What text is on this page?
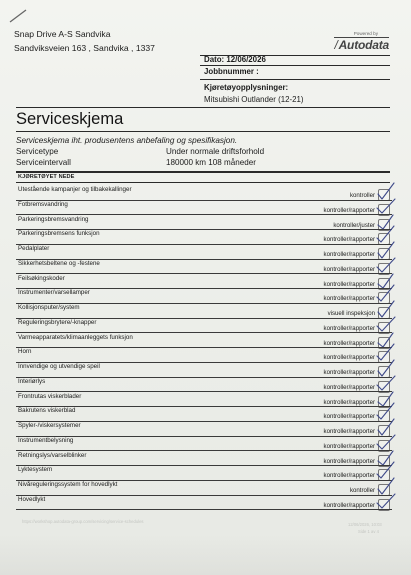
Snap Drive A-S Sandvika
Sandviksveien 163 , Sandvika , 1337
Powered by
/Autodata
Dato: 12/06/2026
Jobbnummer :
Kjøretøyopplysninger:
Mitsubishi Outlander (12-21)
Serviceskjema
Serviceskjema iht. produsentens anbefaling og spesifikasjon.
Servicetype	Under normale driftsforhold
Serviceintervall	180000 km 108 måneder
KJØRETØYET NEDE
Utestående kampanjer og tilbakekallinger
kontroller
Fotbremsvandring
kontroller/rapporter
Parkeringsbremsvandring
kontroller/juster
Parkeringsbremsens funksjon
kontroller/rapporter
Pedalplater
kontroller/rapporter
Sikkerhetsbeltene og -festene
kontroller/rapporter
Feilsøkingskoder
kontroller/rapporter
Instrumenter/varsellamper
kontroller/rapporter
Kollisjonsputer/system
visuell inspeksjon
Reguleringsbrytere/-knapper
kontroller/rapporter
Varmeapparatets/klimaanleggets funksjon
kontroller/rapporter
Horn
kontroller/rapporter
Innvendige og utvendige speil
kontroller/rapporter
Interiørlys
kontroller/rapporter
Frontrutas viskerblader
kontroller/rapporter
Bakrutens viskerblad
kontroller/rapporter
Spyler-/viskersystemer
kontroller/rapporter
Instrumentbelysning
kontroller/rapporter
Retningslys/varselblinker
kontroller/rapporter
Lyktesystem
kontroller/rapporter
Nivåreguleringssystem for hovedlykt
kontroller
Hovedlykt
kontroller/rapporter
https://workshop.autodata-group.com/servicing/service-schedules
12/06/2026, 10:03
Side 1 av 4
